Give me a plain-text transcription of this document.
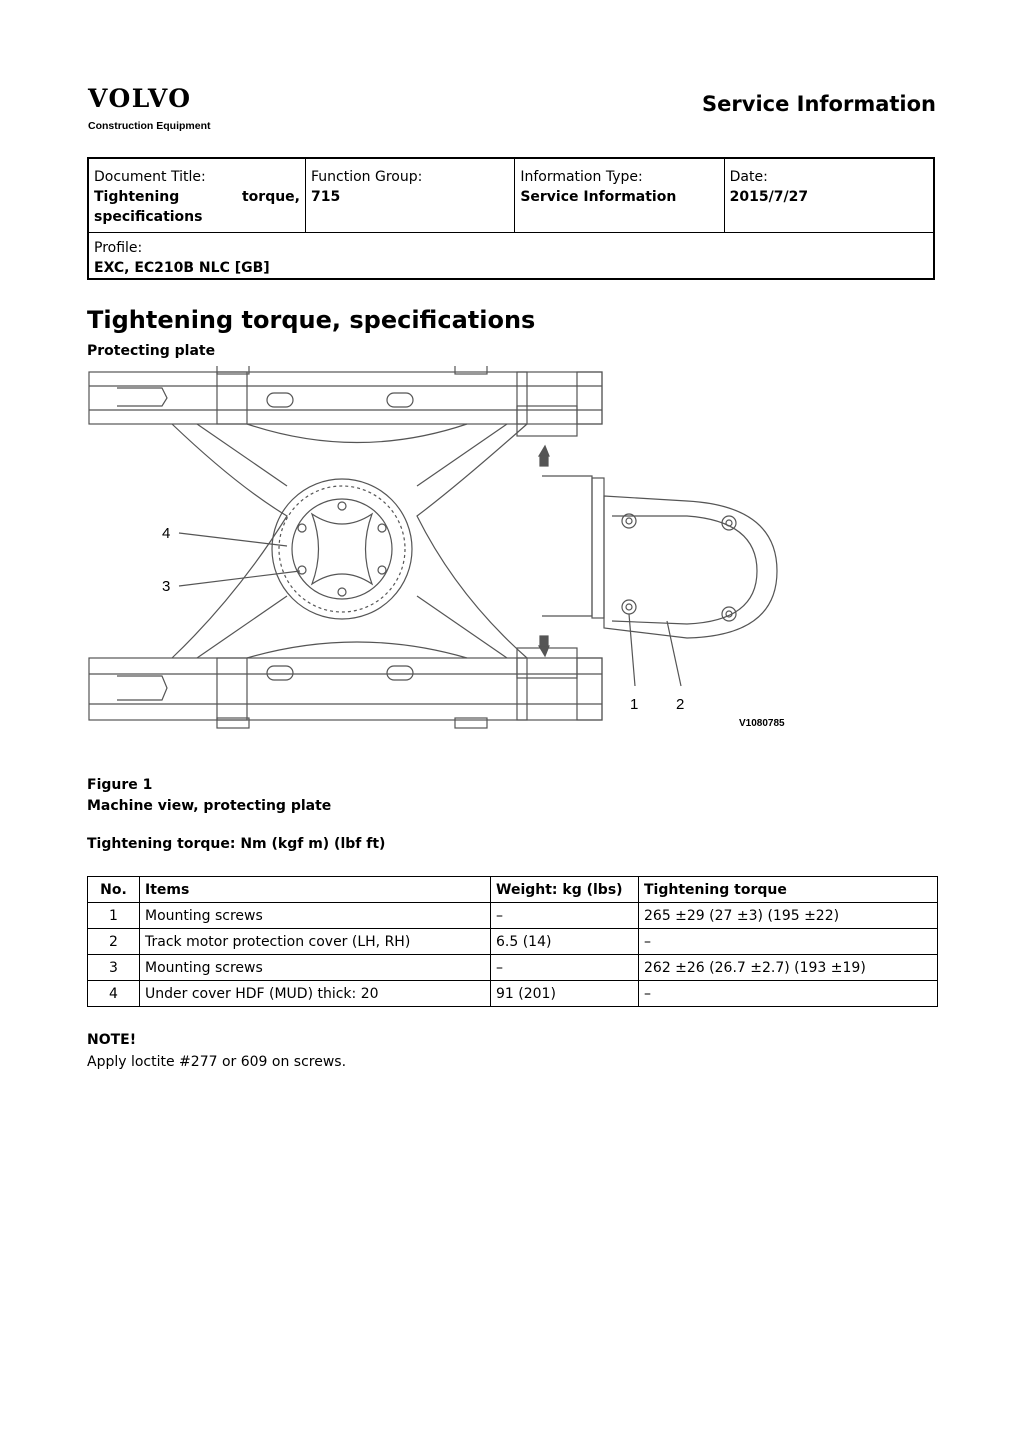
VOLVO
Construction Equipment
Service Information
Document Title:
Tightening torque, specifications
Function Group:
715
Information Type:
Service Information
Date:
2015/7/27
Profile:
EXC, EC210B NLC [GB]
Tightening torque, specifications
Protecting plate
4
3
1	2
V1080785
Figure 1
Machine view, protecting plate
Tightening torque: Nm (kgf m) (lbf ft)
No.	Items	Weight: kg (lbs)	Tightening torque
1	Mounting screws	–	265 ±29 (27 ±3) (195 ±22)
2	Track motor protection cover (LH, RH)	6.5 (14)	–
3	Mounting screws	–	262 ±26 (26.7 ±2.7) (193 ±19)
4	Under cover HDF (MUD) thick: 20	91 (201)	–
NOTE!
Apply loctite #277 or 609 on screws.
